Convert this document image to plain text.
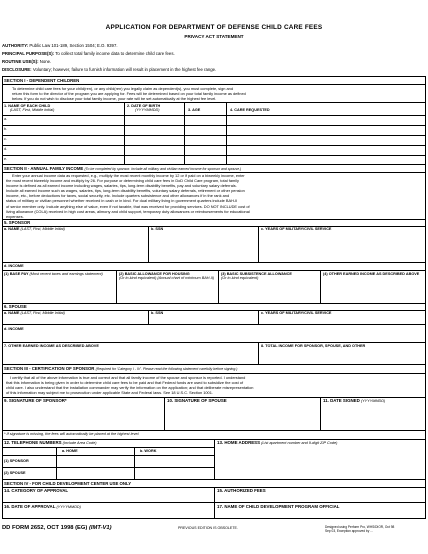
APPLICATION FOR DEPARTMENT OF DEFENSE CHILD CARE FEES
PRIVACY ACT STATEMENT
AUTHORITY: Public Law 101-189, Section 1504; E.O. 9397.
PRINCIPAL PURPOSE(S): To collect total family income data to determine child care fees.
ROUTINE USE(S): None.
DISCLOSURE: Voluntary; however, failure to furnish information will result in placement in the highest fee range.
SECTION I - DEPENDENT CHILDREN
To determine child care fees for your child(ren), or any child(ren) you legally claim as dependent(s), you must complete, sign and
return this form to the director of the program you are applying for. Fees will be determined based on your total family income as defined
below. If you do not wish to disclose your total family income, your rate will be set automatically at the highest fee level.
1. NAME OF EACH CHILD
(LAST, First, Middle Initial)
2. DATE OF BIRTH
(YYYYMMDD)	3. AGE	4. CARE REQUESTED
a.
b.
c.
d.
e.
SECTION II - ANNUAL FAMILY INCOME (To be completed by sponsor. Include all military and civilian earned income for sponsor and spouse.)
Enter your annual income data as requested, e.g., multiply the most recent monthly income by 12 or if paid on a biweekly income, enter
the most recent biweekly income and multiply by 26. For purpose or determining child care fees in DoD Child Care program, total family
income is defined as all earned income including wages, salaries, tips, long-term disability benefits, pay and voluntary salary deferrals.
Include all earned income such as wages, salaries, tips, long-term disability benefits, voluntary salary deferrals, retirement or other pension
income, etc., before deductions for taxes, social security, etc. Include quarters subsistence and other allowances if in the rank and
status of military or civilian personnel whether received in cash or in kind. For dual military living in government quarters include BAH-II
of senior member only. Include anything else of value, even if not taxable, that was received for providing services. DO NOT INCLUDE cost of
living allowance (COLA) received in high cost areas, alimony and child support, temporary duty allowances or reimbursements for educational
expenses.
5. SPONSOR
a. NAME (LAST, First, Middle Initial)	b. SSN	c. YEARS OF MILITARY/CIVIL SERVICE
d. INCOME
(1) BASE PAY (Most recent taxes and earnings statement)	(2) BASIC ALLOWANCE FOR HOUSING
(Or in-kind equivalent) (Annual chart of minimum BAH-II)
(3) BASIC SUBSISTENCE ALLOWANCE
(Or in-kind equivalent)
(4) OTHER EARNED INCOME AS DESCRIBED ABOVE
6. SPOUSE
a. NAME (LAST, First, Middle Initial)	b. SSN	c. YEARS OF MILITARY/CIVIL SERVICE
d. INCOME
7. OTHER EARNED INCOME AS DESCRIBED ABOVE	8. TOTAL INCOME FOR SPONSOR, SPOUSE, AND OTHER
SECTION III - CERTIFICATION OF SPONSOR (Required for 'Category I - IV'. Please read the following statement carefully before signing.)
I certify that all of the above information is true and correct and that all family income of the spouse and sponsor is reported. I understand
that this information is being given in order to determine child care fees to be paid and that Federal funds are used to subsidize the cost of
child care. I also understand that the installation commander may verify the information on the application; and that deliberate misrepresentation
of this information may subject me to prosecution under applicable State and Federal laws. See 18 U.S.C. Section 1001.
9. SIGNATURE OF SPONSOR*	10. SIGNATURE OF SPOUSE	11. DATE SIGNED (YYYYMMDD)
* If signature is missing, the fees will automatically be placed at the highest level.
12. TELEPHONE NUMBERS (Include Area Code)	13. HOME ADDRESS (List apartment number and 9-digit ZIP Code)
a. HOME	b. WORK
(1) SPONSOR
(2) SPOUSE
SECTION IV - FOR CHILD DEVELOPMENT CENTER USE ONLY
14. CATEGORY OF APPROVAL	15. AUTHORIZED FEES
16. DATE OF APPROVAL (YYYYMMDD)	17. NAME OF CHILD DEVELOPMENT PROGRAM OFFICIAL
DD FORM 2652, OCT 1998 (EG) (IMT-V1)	PREVIOUS EDITION IS OBSOLETE.	Designed using Perform Pro, WHS/DIOR, Oct 98
Sep 03, Exception approved by ...
